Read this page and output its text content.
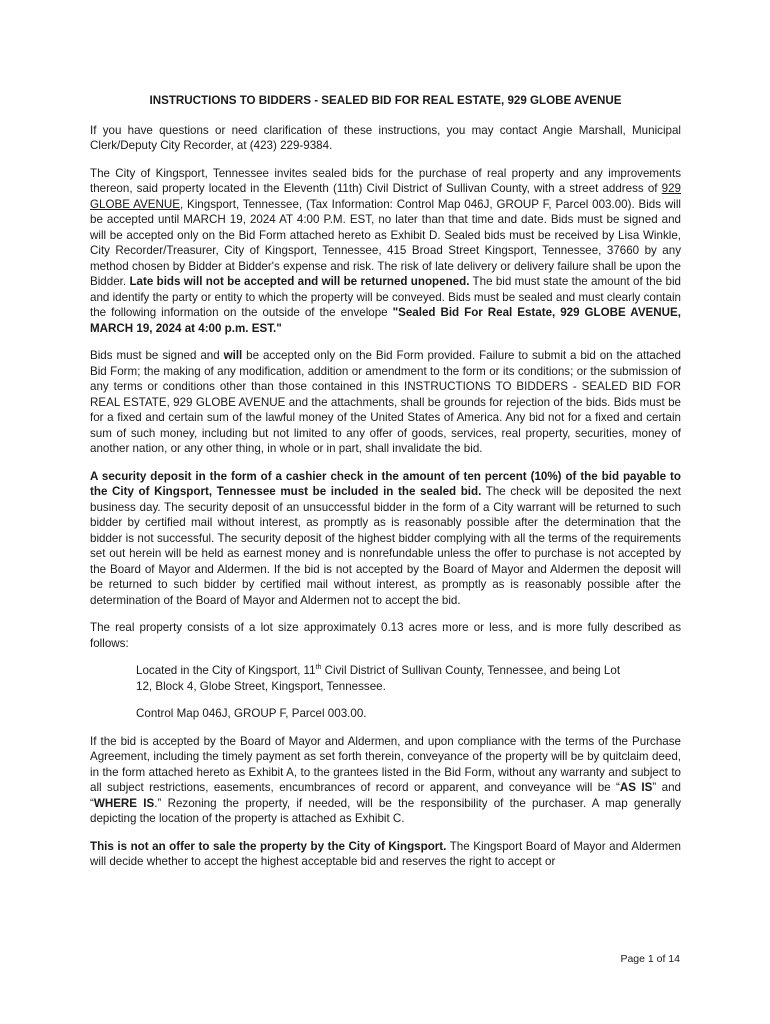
INSTRUCTIONS TO BIDDERS - SEALED BID FOR REAL ESTATE, 929 GLOBE AVENUE

If you have questions or need clarification of these instructions, you may contact Angie Marshall, Municipal Clerk/Deputy City Recorder, at (423) 229-9384.

The City of Kingsport, Tennessee invites sealed bids for the purchase of real property and any improvements thereon, said property located in the Eleventh (11th) Civil District of Sullivan County, with a street address of 929 GLOBE AVENUE, Kingsport, Tennessee, (Tax Information: Control Map 046J, GROUP F, Parcel 003.00). Bids will be accepted until MARCH 19, 2024 AT 4:00 P.M. EST, no later than that time and date. Bids must be signed and will be accepted only on the Bid Form attached hereto as Exhibit D. Sealed bids must be received by Lisa Winkle, City Recorder/Treasurer, City of Kingsport, Tennessee, 415 Broad Street Kingsport, Tennessee, 37660 by any method chosen by Bidder at Bidder's expense and risk. The risk of late delivery or delivery failure shall be upon the Bidder. Late bids will not be accepted and will be returned unopened. The bid must state the amount of the bid and identify the party or entity to which the property will be conveyed. Bids must be sealed and must clearly contain the following information on the outside of the envelope "Sealed Bid For Real Estate, 929 GLOBE AVENUE, MARCH 19, 2024 at 4:00 p.m. EST."

Bids must be signed and will be accepted only on the Bid Form provided. Failure to submit a bid on the attached Bid Form; the making of any modification, addition or amendment to the form or its conditions; or the submission of any terms or conditions other than those contained in this INSTRUCTIONS TO BIDDERS - SEALED BID FOR REAL ESTATE, 929 GLOBE AVENUE and the attachments, shall be grounds for rejection of the bids. Bids must be for a fixed and certain sum of the lawful money of the United States of America. Any bid not for a fixed and certain sum of such money, including but not limited to any offer of goods, services, real property, securities, money of another nation, or any other thing, in whole or in part, shall invalidate the bid.

A security deposit in the form of a cashier check in the amount of ten percent (10%) of the bid payable to the City of Kingsport, Tennessee must be included in the sealed bid. The check will be deposited the next business day. The security deposit of an unsuccessful bidder in the form of a City warrant will be returned to such bidder by certified mail without interest, as promptly as is reasonably possible after the determination that the bidder is not successful. The security deposit of the highest bidder complying with all the terms of the requirements set out herein will be held as earnest money and is nonrefundable unless the offer to purchase is not accepted by the Board of Mayor and Aldermen. If the bid is not accepted by the Board of Mayor and Aldermen the deposit will be returned to such bidder by certified mail without interest, as promptly as is reasonably possible after the determination of the Board of Mayor and Aldermen not to accept the bid.

The real property consists of a lot size approximately 0.13 acres more or less, and is more fully described as follows:

Located in the City of Kingsport, 11th Civil District of Sullivan County, Tennessee, and being Lot 12, Block 4, Globe Street, Kingsport, Tennessee.

Control Map 046J, GROUP F, Parcel 003.00.

If the bid is accepted by the Board of Mayor and Aldermen, and upon compliance with the terms of the Purchase Agreement, including the timely payment as set forth therein, conveyance of the property will be by quitclaim deed, in the form attached hereto as Exhibit A, to the grantees listed in the Bid Form, without any warranty and subject to all subject restrictions, easements, encumbrances of record or apparent, and conveyance will be “AS IS” and “WHERE IS.” Rezoning the property, if needed, will be the responsibility of the purchaser. A map generally depicting the location of the property is attached as Exhibit C.

This is not an offer to sale the property by the City of Kingsport. The Kingsport Board of Mayor and Aldermen will decide whether to accept the highest acceptable bid and reserves the right to accept or

Page 1 of 14
